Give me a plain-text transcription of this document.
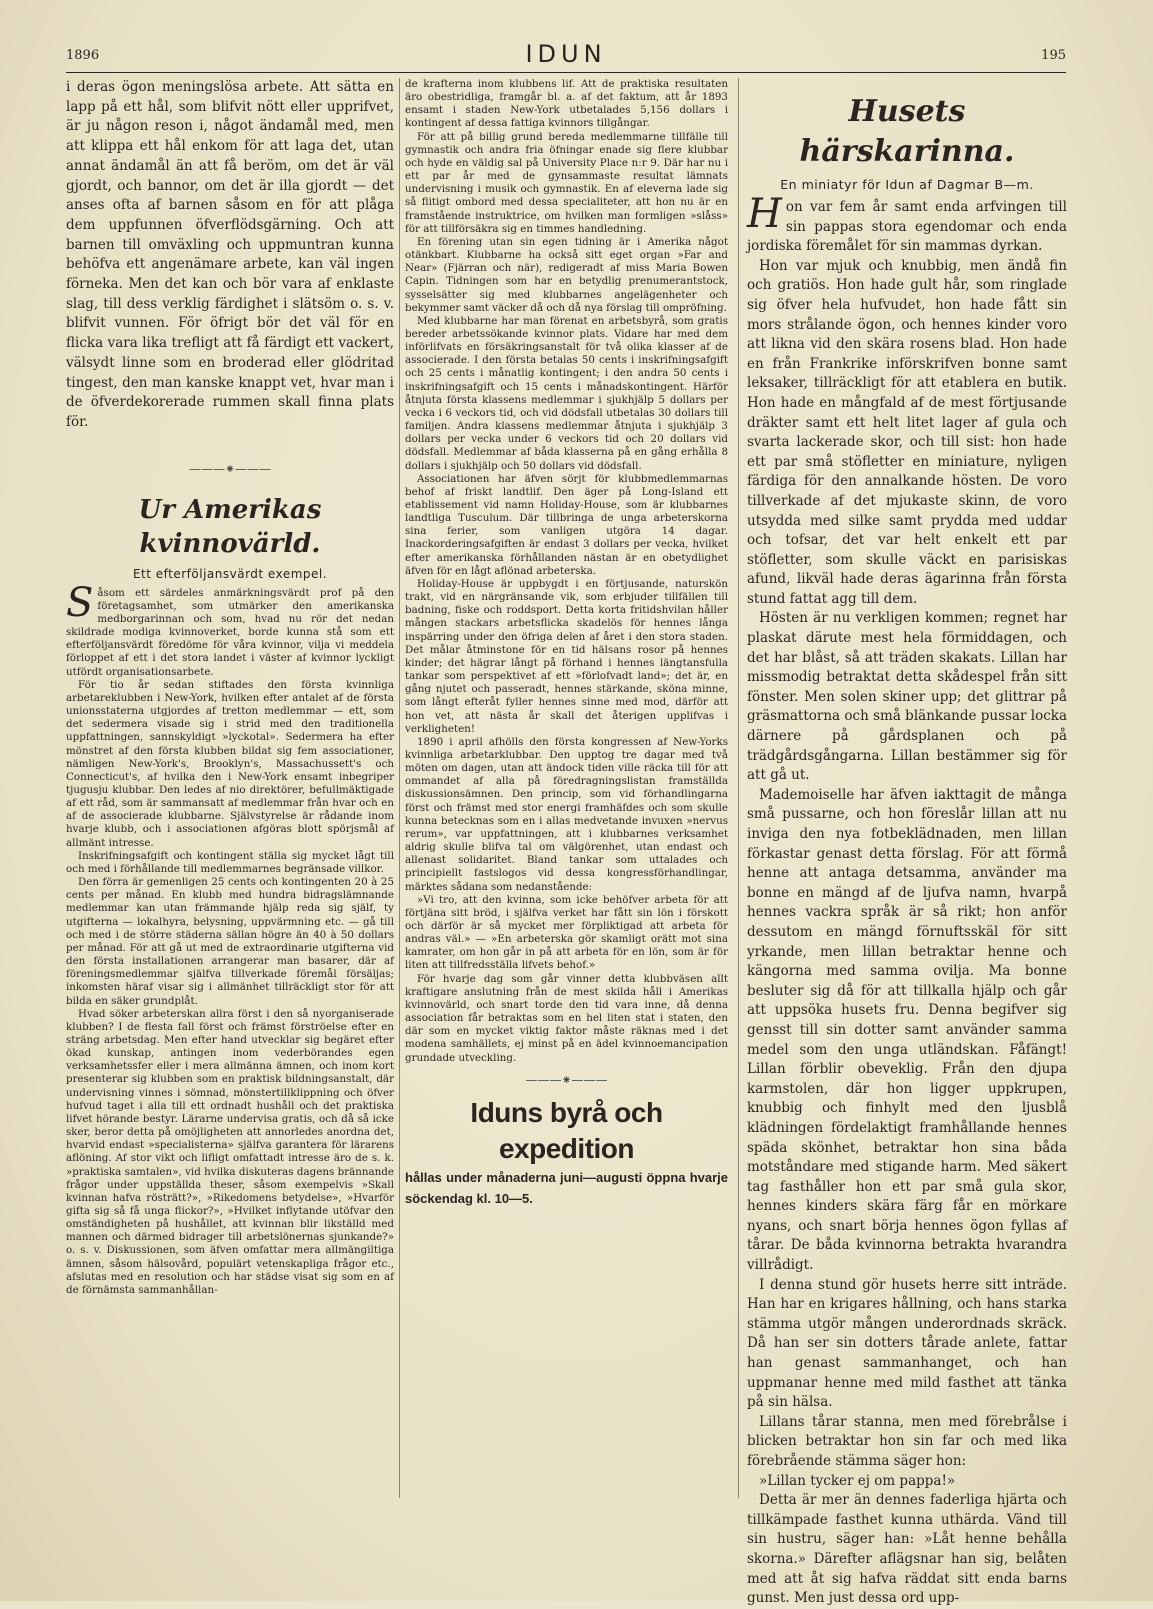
1896	IDUN	195

i deras ögon meningslösa arbete. Att sätta en lapp på ett hål, som blifvit nött eller upprifvet, är ju någon reson i, något ändamål med, men att klippa ett hål enkom för att laga det, utan annat ändamål än att få beröm, om det är väl gjordt, och bannor, om det är illa gjordt — det anses ofta af barnen såsom en för att plåga dem uppfunnen öfverflödsgärning. Och att barnen till omväxling och uppmuntran kunna behöfva ett angenämare arbete, kan väl ingen förneka. Men det kan och bör vara af enklaste slag, till dess verklig färdighet i slätsöm o. s. v. blifvit vunnen. För öfrigt bör det väl för en flicka vara lika trefligt att få färdigt ett vackert, välsydt linne som en broderad eller glödritad tingest, den man kanske knappt vet, hvar man i de öfverdekorerade rummen skall finna plats för.

———⁕———
Ur Amerikas kvinnovärld.
Ett efterföljansvärdt exempel.

Såsom ett särdeles anmärkningsvärdt prof på den företagsamhet, som utmärker den amerikanska medborgarinnan och som, hvad nu rör det nedan skildrade modiga kvinnoverket, borde kunna stå som ett efterföljansvärdt föredöme för våra kvinnor, vilja vi meddela förloppet af ett i det stora landet i väster af kvinnor lyckligt utfördt organisationsarbete.

För tio år sedan stiftades den första kvinnliga arbetareklubben i New-York, hvilken efter antalet af de första unionsstaterna utgjordes af tretton medlemmar — ett, som det sedermera visade sig i strid med den traditionella uppfattningen, sannskyldigt »lyckotal». Sedermera ha efter mönstret af den första klubben bildat sig fem associationer, nämligen New-York's, Brooklyn's, Massachussett's och Connecticut's, af hvilka den i New-York ensamt inbegriper tjugusju klubbar. Den ledes af nio direktörer, befullmäktigade af ett råd, som är sammansatt af medlemmar från hvar och en af de associerade klubbarne. Självstyrelse är rådande inom hvarje klubb, och i associationen afgöras blott spörjsmål af allmänt intresse.

Inskrifningsafgift och kontingent ställa sig mycket lågt till och med i förhållande till medlemmarnes begränsade villkor.

Den förra är gemenligen 25 cents och kontingenten 20 à 25 cents per månad. En klubb med hundra bidragslämnande medlemmar kan utan främmande hjälp reda sig själf, ty utgifterna — lokalhyra, belysning, uppvärmning etc. — gå till och med i de större städerna sällan högre än 40 à 50 dollars per månad. För att gå ut med de extraordinarie utgifterna vid den första installationen arrangerar man basarer, där af föreningsmedlemmar själfva tillverkade föremål försäljas; inkomsten häraf visar sig i allmänhet tillräckligt stor för att bilda en säker grundplåt.

Hvad söker arbeterskan allra först i den så nyorganiserade klubben? I de flesta fall först och främst förströelse efter en sträng arbetsdag. Men efter hand utvecklar sig begäret efter ökad kunskap, antingen inom vederbörandes egen verksamhetssfer eller i mera allmänna ämnen, och inom kort presenterar sig klubben som en praktisk bildningsanstalt, där undervisning vinnes i sömnad, mönstertillklippning och öfver hufvud taget i alla till ett ordnadt hushåll och det praktiska lifvet hörande bestyr. Lärarne undervisa gratis, och då så icke sker, beror detta på omöjligheten att annorledes anordna det, hvarvid endast »specialisterna» själfva garantera för lärarens aflöning. Af stor vikt och lifligt omfattadt intresse äro de s. k. »praktiska samtalen», vid hvilka diskuteras dagens brännande frågor under uppställda theser, såsom exempelvis »Skall kvinnan hafva rösträtt?», »Rikedomens betydelse», »Hvarför gifta sig så få unga flickor?», »Hvilket inflytande utöfvar den omständigheten på hushållet, att kvinnan blir likställd med mannen och därmed bidrager till arbetslönernas sjunkande?» o. s. v. Diskussionen, som äfven omfattar mera allmängiltiga ämnen, såsom hälsovård, populärt vetenskapliga frågor etc., afslutas med en resolution och har städse visat sig som en af de förnämsta sammanhållan-

de krafterna inom klubbens lif. Att de praktiska resultaten äro obestridliga, framgår bl. a. af det faktum, att år 1893 ensamt i staden New-York utbetalades 5,156 dollars i kontingent af dessa fattiga kvinnors tillgångar.

För att på billig grund bereda medlemmarne tillfälle till gymnastik och andra fria öfningar enade sig flere klubbar och hyde en väldig sal på University Place n:r 9. Där har nu i ett par år med de gynsammaste resultat lämnats undervisning i musik och gymnastik. En af eleverna lade sig så flitigt ombord med dessa specialiteter, att hon nu är en framstående instruktrice, om hvilken man formligen »slåss» för att tillförsäkra sig en timmes handledning.

En förening utan sin egen tidning är i Amerika något otänkbart. Klubbarne ha också sitt eget organ »Far and Near» (Fjärran och när), redigeradt af miss Maria Bowen Capin. Tidningen som har en betydlig prenumerantstock, sysselsätter sig med klubbarnes angelägenheter och bekymmer samt väcker då och då nya förslag till ompröfning.

Med klubbarne har man förenat en arbetsbyrå, som gratis bereder arbetssökande kvinnor plats. Vidare har med dem införlifvats en försäkringsanstalt för två olika klasser af de associerade. I den första betalas 50 cents i inskrifningsafgift och 25 cents i månatlig kontingent; i den andra 50 cents i inskrifningsafgift och 15 cents i månadskontingent. Härför åtnjuta första klassens medlemmar i sjukhjälp 5 dollars per vecka i 6 veckors tid, och vid dödsfall utbetalas 30 dollars till familjen. Andra klassens medlemmar åtnjuta i sjukhjälp 3 dollars per vecka under 6 veckors tid och 20 dollars vid dödsfall. Medlemmar af båda klasserna på en gång erhålla 8 dollars i sjukhjälp och 50 dollars vid dödsfall.

Associationen har äfven sörjt för klubbmedlemmarnas behof af friskt landtlif. Den äger på Long-Island ett etablissement vid namn Holiday-House, som är klubbarnes landtliga Tusculum. Där tillbringa de unga arbeterskorna sina ferier, som vanligen utgöra 14 dagar. Inackorderingsafgiften är endast 3 dollars per vecka, hvilket efter amerikanska förhållanden nästan är en obetydlighet äfven för en lågt aflönad arbeterska.

Holiday-House är uppbygdt i en förtjusande, naturskön trakt, vid en närgränsande vik, som erbjuder tillfällen till badning, fiske och roddsport. Detta korta fritidshvilan håller mången stackars arbetsflicka skadelös för hennes långa inspärring under den öfriga delen af året i den stora staden. Det målar åtminstone för en tid hälsans rosor på hennes kinder; det hägrar långt på förhand i hennes längtansfulla tankar som perspektivet af ett »förlofvadt land»; det är, en gång njutet och passeradt, hennes stärkande, sköna minne, som långt efteråt fyller hennes sinne med mod, därför att hon vet, att nästa år skall det återigen upplifvas i verkligheten!

1890 i april afhölls den första kongressen af New-Yorks kvinnliga arbetarklubbar. Den upptog tre dagar med två möten om dagen, utan att ändock tiden ville räcka till för att ommandet af alla på föredragningslistan framställda diskussionsämnen. Den princip, som vid förhandlingarna först och främst med stor energi framhäfdes och som skulle kunna betecknas som en i allas medvetande invuxen »nervus rerum», var uppfattningen, att i klubbarnes verksamhet aldrig skulle blifva tal om välgörenhet, utan endast och allenast solidaritet. Bland tankar som uttalades och principiellt fastslogos vid dessa kongressförhandlingar, märktes sådana som nedanstående:

»Vi tro, att den kvinna, som icke behöfver arbeta för att förtjäna sitt bröd, i själfva verket har fått sin lön i förskott och därför är så mycket mer förpliktigad att arbeta för andras väl.» — »En arbeterska gör skamligt orätt mot sina kamrater, om hon går in på att arbeta för en lön, som är för liten att tillfredsställa lifvets behof.»

För hvarje dag som går vinner detta klubbväsen allt kraftigare anslutning från de mest skilda håll i Amerikas kvinnovärld, och snart torde den tid vara inne, då denna association får betraktas som en hel liten stat i staten, den där som en mycket viktig faktor måste räknas med i det modena samhällets, ej minst på en ädel kvinnoemancipation grundade utveckling.

———⁕———
Iduns byrå och expedition
hållas under månaderna juni—augusti öppna hvarje söckendag kl. 10—5.
Husets härskarinna.
En miniatyr för Idun af Dagmar B—m.

Hon var fem år samt enda arfvingen till sin pappas stora egendomar och enda jordiska föremålet för sin mammas dyrkan.

Hon var mjuk och knubbig, men ändå fin och gratiös. Hon hade gult hår, som ringlade sig öfver hela hufvudet, hon hade fått sin mors strålande ögon, och hennes kinder voro att likna vid den skära rosens blad. Hon hade en från Frankrike införskrifven bonne samt leksaker, tillräckligt för att etablera en butik. Hon hade en mångfald af de mest förtjusande dräkter samt ett helt litet lager af gula och svarta lackerade skor, och till sist: hon hade ett par små stöfletter en miniature, nyligen färdiga för den annalkande hösten. De voro tillverkade af det mjukaste skinn, de voro utsydda med silke samt prydda med uddar och tofsar, det var helt enkelt ett par stöfletter, som skulle väckt en parisiskas afund, likväl hade deras ägarinna från första stund fattat agg till dem.

Hösten är nu verkligen kommen; regnet har plaskat därute mest hela förmiddagen, och det har blåst, så att träden skakats. Lillan har missmodig betraktat detta skådespel från sitt fönster. Men solen skiner upp; det glittrar på gräsmattorna och små blänkande pussar locka därnere på gårdsplanen och på trädgårdsgångarna. Lillan bestämmer sig för att gå ut.

Mademoiselle har äfven iakttagit de många små pussarne, och hon föreslår lillan att nu inviga den nya fotbeklädnaden, men lillan förkastar genast detta förslag. För att förmå henne att antaga detsamma, använder ma bonne en mängd af de ljufva namn, hvarpå hennes vackra språk är så rikt; hon anför dessutom en mängd förnuftsskäl för sitt yrkande, men lillan betraktar henne och kängorna med samma ovilja. Ma bonne besluter sig då för att tillkalla hjälp och går att uppsöka husets fru. Denna begifver sig gensst till sin dotter samt använder samma medel som den unga utländskan. Fåfängt! Lillan förblir obeveklig. Från den djupa karmstolen, där hon ligger uppkrupen, knubbig och finhylt med den ljusblå klädningen fördelaktigt framhållande hennes späda skönhet, betraktar hon sina båda motståndare med stigande harm. Med säkert tag fasthåller hon ett par små gula skor, hennes kinders skära färg får en mörkare nyans, och snart börja hennes ögon fyllas af tårar. De båda kvinnorna betrakta hvarandra villrådigt.

I denna stund gör husets herre sitt inträde. Han har en krigares hållning, och hans starka stämma utgör mången underordnads skräck. Då han ser sin dotters tårade anlete, fattar han genast sammanhanget, och han uppmanar henne med mild fasthet att tänka på sin hälsa.

Lillans tårar stanna, men med förebrålse i blicken betraktar hon sin far och med lika förebrående stämma säger hon:

»Lillan tycker ej om pappa!»

Detta är mer än dennes faderliga hjärta och tillkämpade fasthet kunna uthärda. Vänd till sin hustru, säger han: »Låt henne behålla skorna.» Därefter aflägsnar han sig, belåten med att åt sig hafva räddat sitt endа barns gunst. Men just dessa ord upp-
